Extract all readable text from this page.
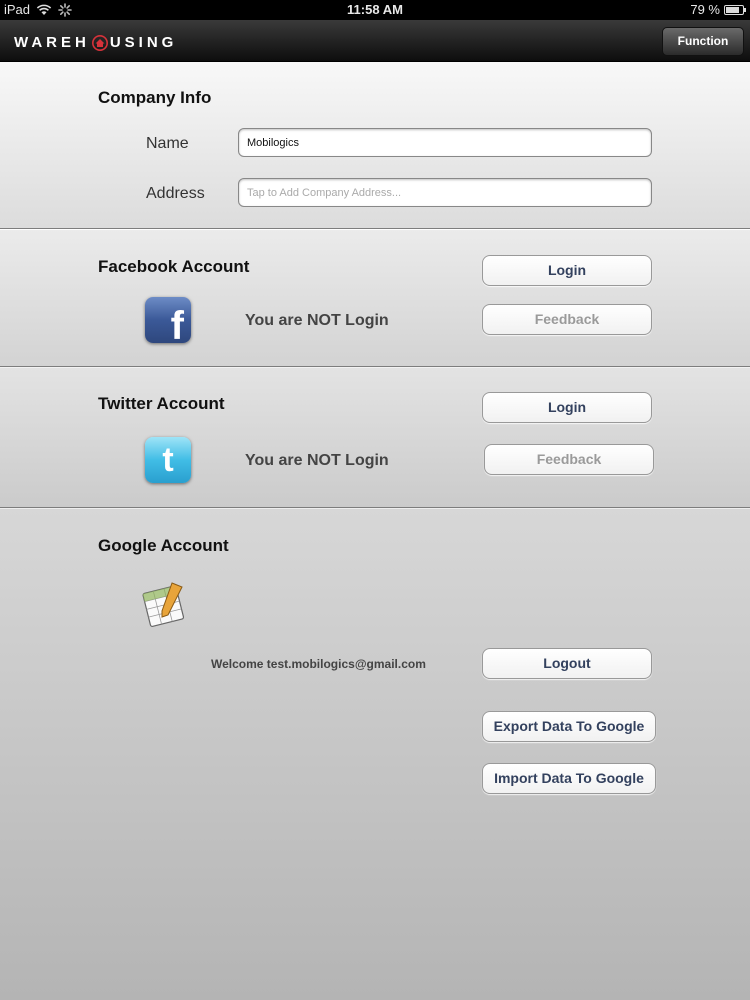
iPad	11:58 AM	79 %
WAREH USING	Function
Company Info
Name
Mobilogics
Address
Tap to Add Company Address...
Facebook Account	Login
f	You are NOT Login	Feedback
Twitter Account	Login
t	You are NOT Login	Feedback
Google Account
Welcome test.mobilogics@gmail.com	Logout
Export Data To Google
Import Data To Google
